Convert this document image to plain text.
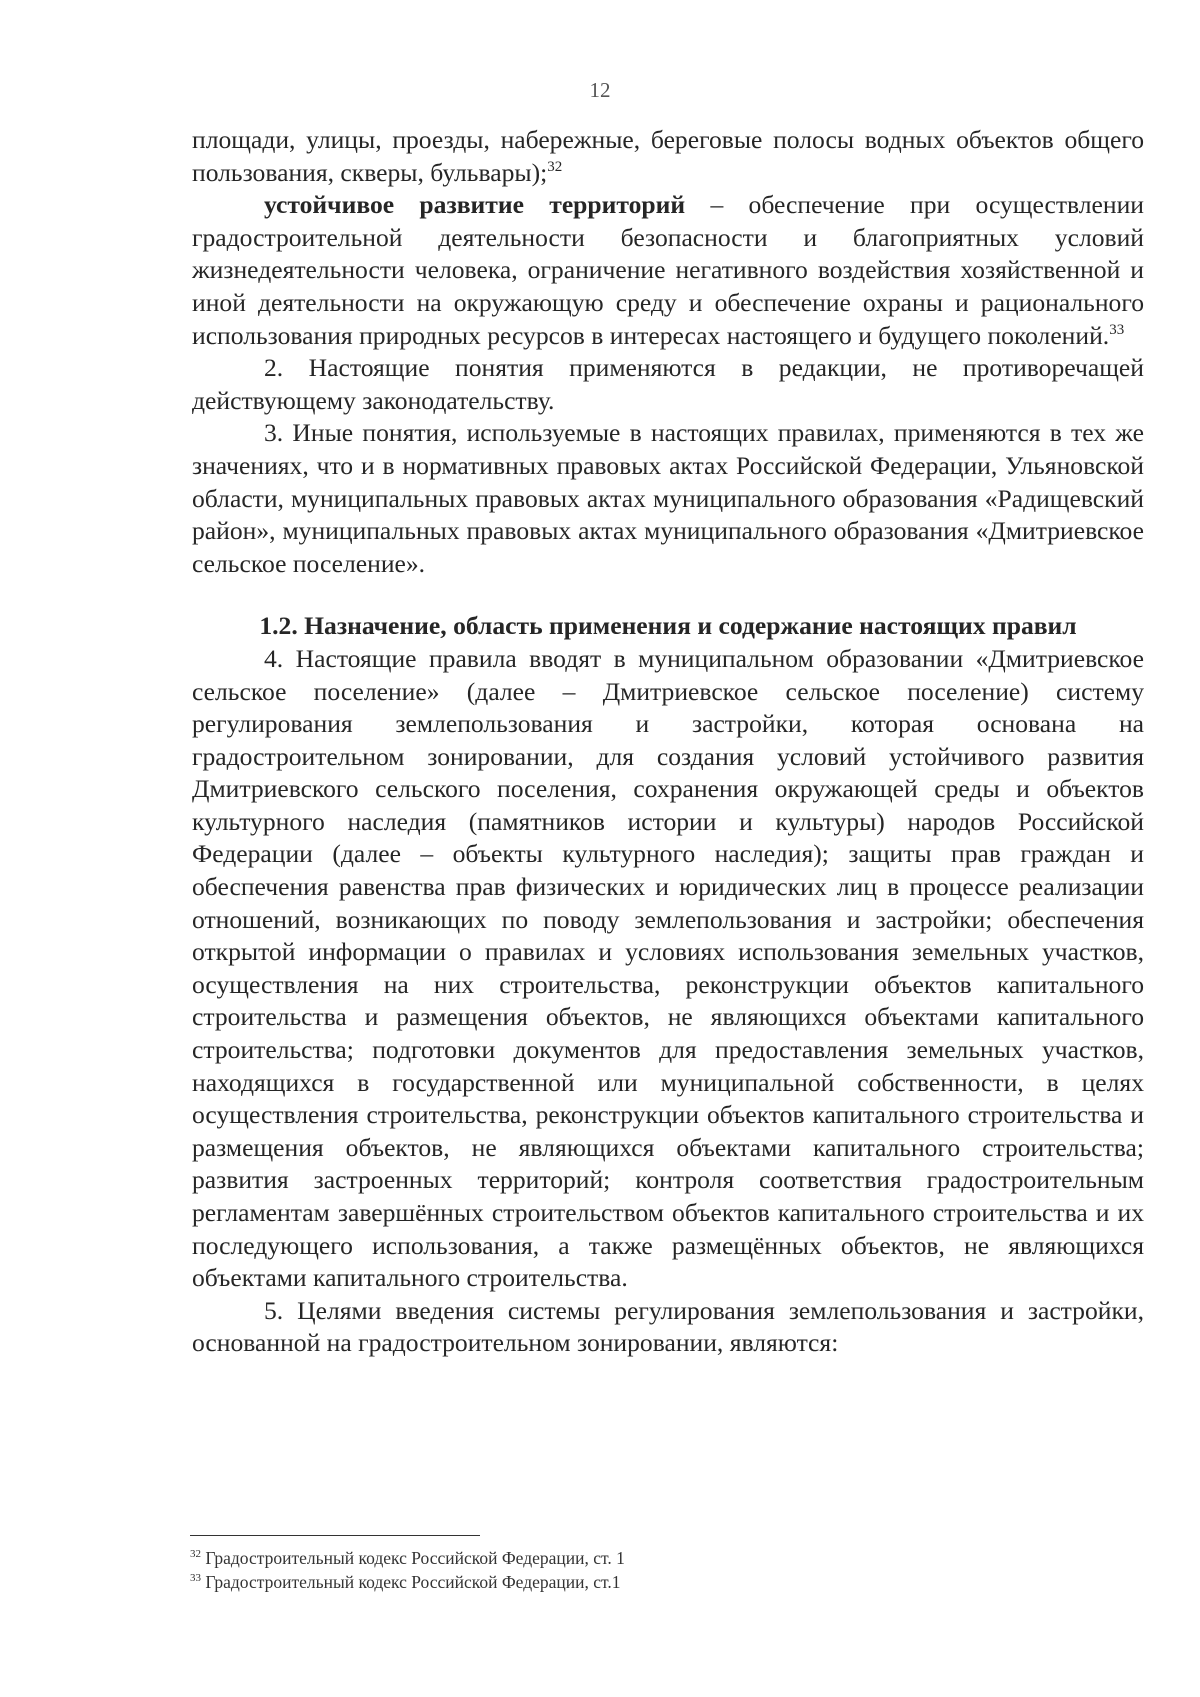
12

площади, улицы, проезды, набережные, береговые полосы водных объектов общего пользования, скверы, бульвары);$^{32}$

устойчивое развитие территорий – обеспечение при осуществлении градостроительной деятельности безопасности и благоприятных условий жизнедеятельности человека, ограничение негативного воздействия хозяйственной и иной деятельности на окружающую среду и обеспечение охраны и рационального использования природных ресурсов в интересах настоящего и будущего поколений.$^{33}$

2. Настоящие понятия применяются в редакции, не противоречащей действующему законодательству.

3. Иные понятия, используемые в настоящих правилах, применяются в тех же значениях, что и в нормативных правовых актах Российской Федерации, Ульяновской области, муниципальных правовых актах муниципального образования «Радищевский район», муниципальных правовых актах муниципального образования «Дмитриевское сельское поселение».

1.2. Назначение, область применения и содержание настоящих правил

4. Настоящие правила вводят в муниципальном образовании «Дмитриевское сельское поселение» (далее – Дмитриевское сельское поселение) систему регулирования землепользования и застройки, которая основана на градостроительном зонировании, для создания условий устойчивого развития Дмитриевского сельского поселения, сохранения окружающей среды и объектов культурного наследия (памятников истории и культуры) народов Российской Федерации (далее – объекты культурного наследия); защиты прав граждан и обеспечения равенства прав физических и юридических лиц в процессе реализации отношений, возникающих по поводу землепользования и застройки; обеспечения открытой информации о правилах и условиях использования земельных участков, осуществления на них строительства, реконструкции объектов капитального строительства и размещения объектов, не являющихся объектами капитального строительства; подготовки документов для предоставления земельных участков, находящихся в государственной или муниципальной собственности, в целях осуществления строительства, реконструкции объектов капитального строительства и размещения объектов, не являющихся объектами капитального строительства; развития застроенных территорий; контроля соответствия градостроительным регламентам завершённых строительством объектов капитального строительства и их последующего использования, а также размещённых объектов, не являющихся объектами капитального строительства.

5. Целями введения системы регулирования землепользования и застройки, основанной на градостроительном зонировании, являются:

$^{32}$ Градостроительный кодекс Российской Федерации, ст. 1

$^{33}$ Градостроительный кодекс Российской Федерации, ст.1
